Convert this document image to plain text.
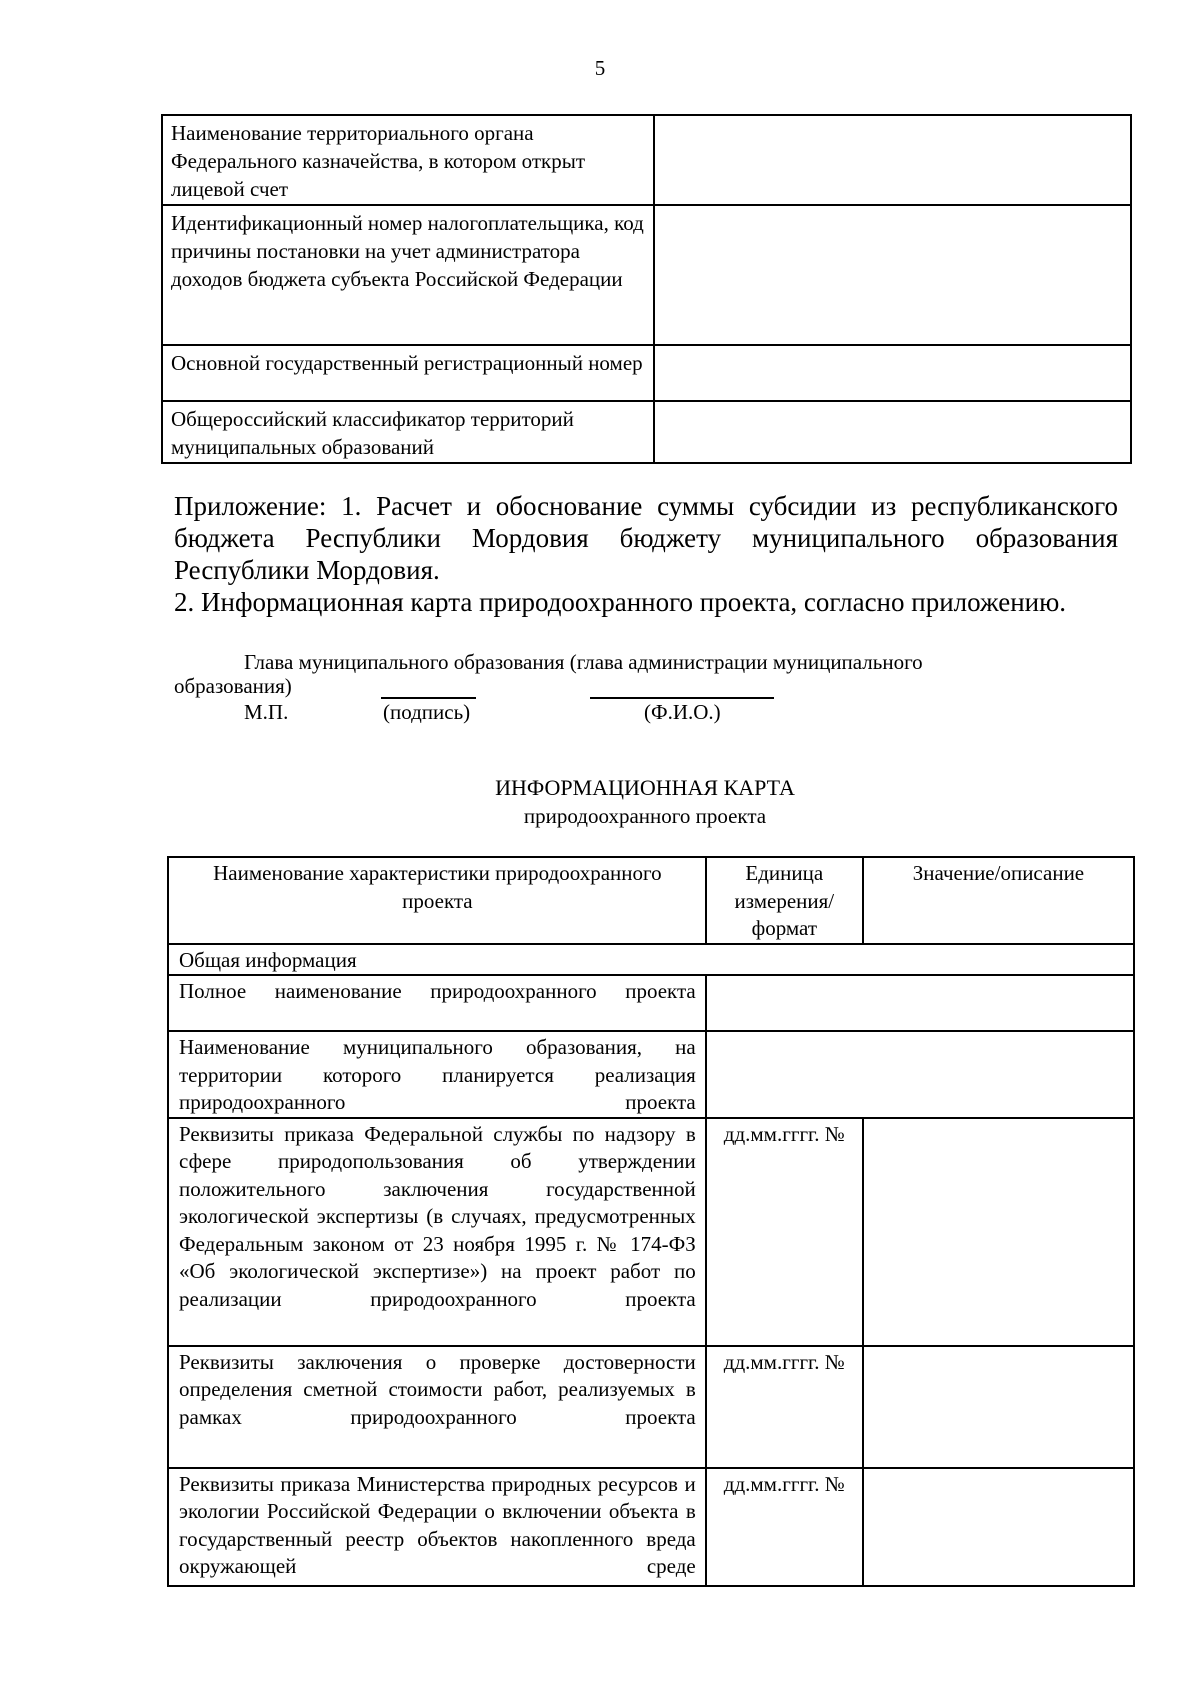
5
Наименование территориального органа Федерального казначейства, в котором открыт лицевой счет	
Идентификационный номер налогоплательщика, код причины постановки на учет администратора доходов бюджета субъекта Российской Федерации	
Основной государственный регистрационный номер	
Общероссийский классификатор территорий муниципальных образований	
Приложение: 1. Расчет и обоснование суммы субсидии из республиканского бюджета Республики Мордовия бюджету муниципального образования Республики Мордовия.
2. Информационная карта природоохранного проекта, согласно приложению.
Глава муниципального образования (глава администрации муниципального
образования)
М.П.	(подпись)	(Ф.И.О.)
ИНФОРМАЦИОННАЯ КАРТА
природоохранного проекта
Наименование характеристики природоохранного проекта	Единица измерения/ формат	Значение/описание
Общая информация		
Полное наименование природоохранного проекта		
Наименование муниципального образования, на территории которого планируется реализация природоохранного проекта		
Реквизиты приказа Федеральной службы по надзору в сфере природопользования об утверждении положительного заключения государственной экологической экспертизы (в случаях, предусмотренных Федеральным законом от 23 ноября 1995 г. № 174-ФЗ «Об экологической экспертизе») на проект работ по реализации природоохранного проекта	дд.мм.гггг. №	
Реквизиты заключения о проверке достоверности определения сметной стоимости работ, реализуемых в рамках природоохранного проекта	дд.мм.гггг. №	
Реквизиты приказа Министерства природных ресурсов и экологии Российской Федерации о включении объекта в государственный реестр объектов накопленного вреда окружающей среде	дд.мм.гггг. №	
